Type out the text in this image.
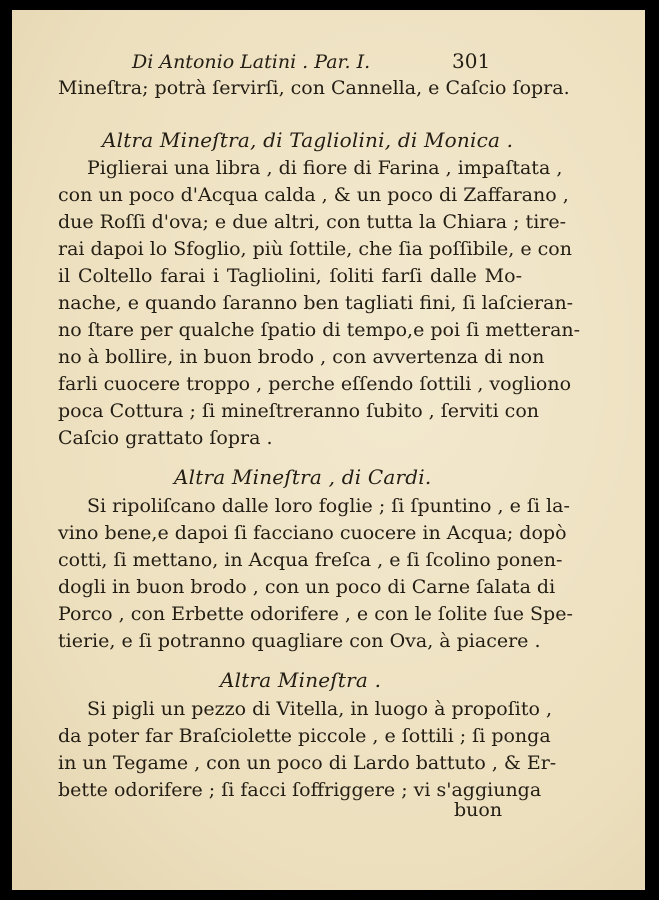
Di Antonio Latini . Par. I.	301
Mineſtra; potrà ſervirſi, con Cannella, e Caſcio ſopra.
Altra Mineſtra, di Tagliolini, di Monica .
Piglierai una libra , di fiore di Farina , impaſtata ,
con un poco d'Acqua calda , & un poco di Zaffarano ,
due Roſſi d'ova; e due altri, con tutta la Chiara ; tire-
rai dapoi lo Sfoglio, più ſottile, che ſia poſſibile, e con
il Coltello farai i Tagliolini, ſoliti farſi dalle Mo-
nache, e quando ſaranno ben tagliati fini, ſi laſcieran-
no ſtare per qualche ſpatio di tempo,e poi ſi metteran-
no à bollire, in buon brodo , con avvertenza di non
farli cuocere troppo , perche eſſendo ſottili , vogliono
poca Cottura ; ſi mineſtreranno ſubito , ſerviti con
Caſcio grattato ſopra .
Altra Mineſtra , di Cardi.
Si ripoliſcano dalle loro foglie ; ſi ſpuntino , e ſi la-
vino bene,e dapoi ſi facciano cuocere in Acqua; dopò
cotti, ſi mettano, in Acqua freſca , e ſi ſcolino ponen-
dogli in buon brodo , con un poco di Carne ſalata di
Porco , con Erbette odorifere , e con le ſolite ſue Spe-
tierie, e ſi potranno quagliare con Ova, à piacere .
Altra Mineſtra .
Si pigli un pezzo di Vitella, in luogo à propoſito ,
da poter far Braſciolette piccole , e ſottili ; ſi ponga
in un Tegame , con un poco di Lardo battuto , & Er-
bette odorifere ; ſi facci ſoffriggere ; vi s'aggiunga
buon
